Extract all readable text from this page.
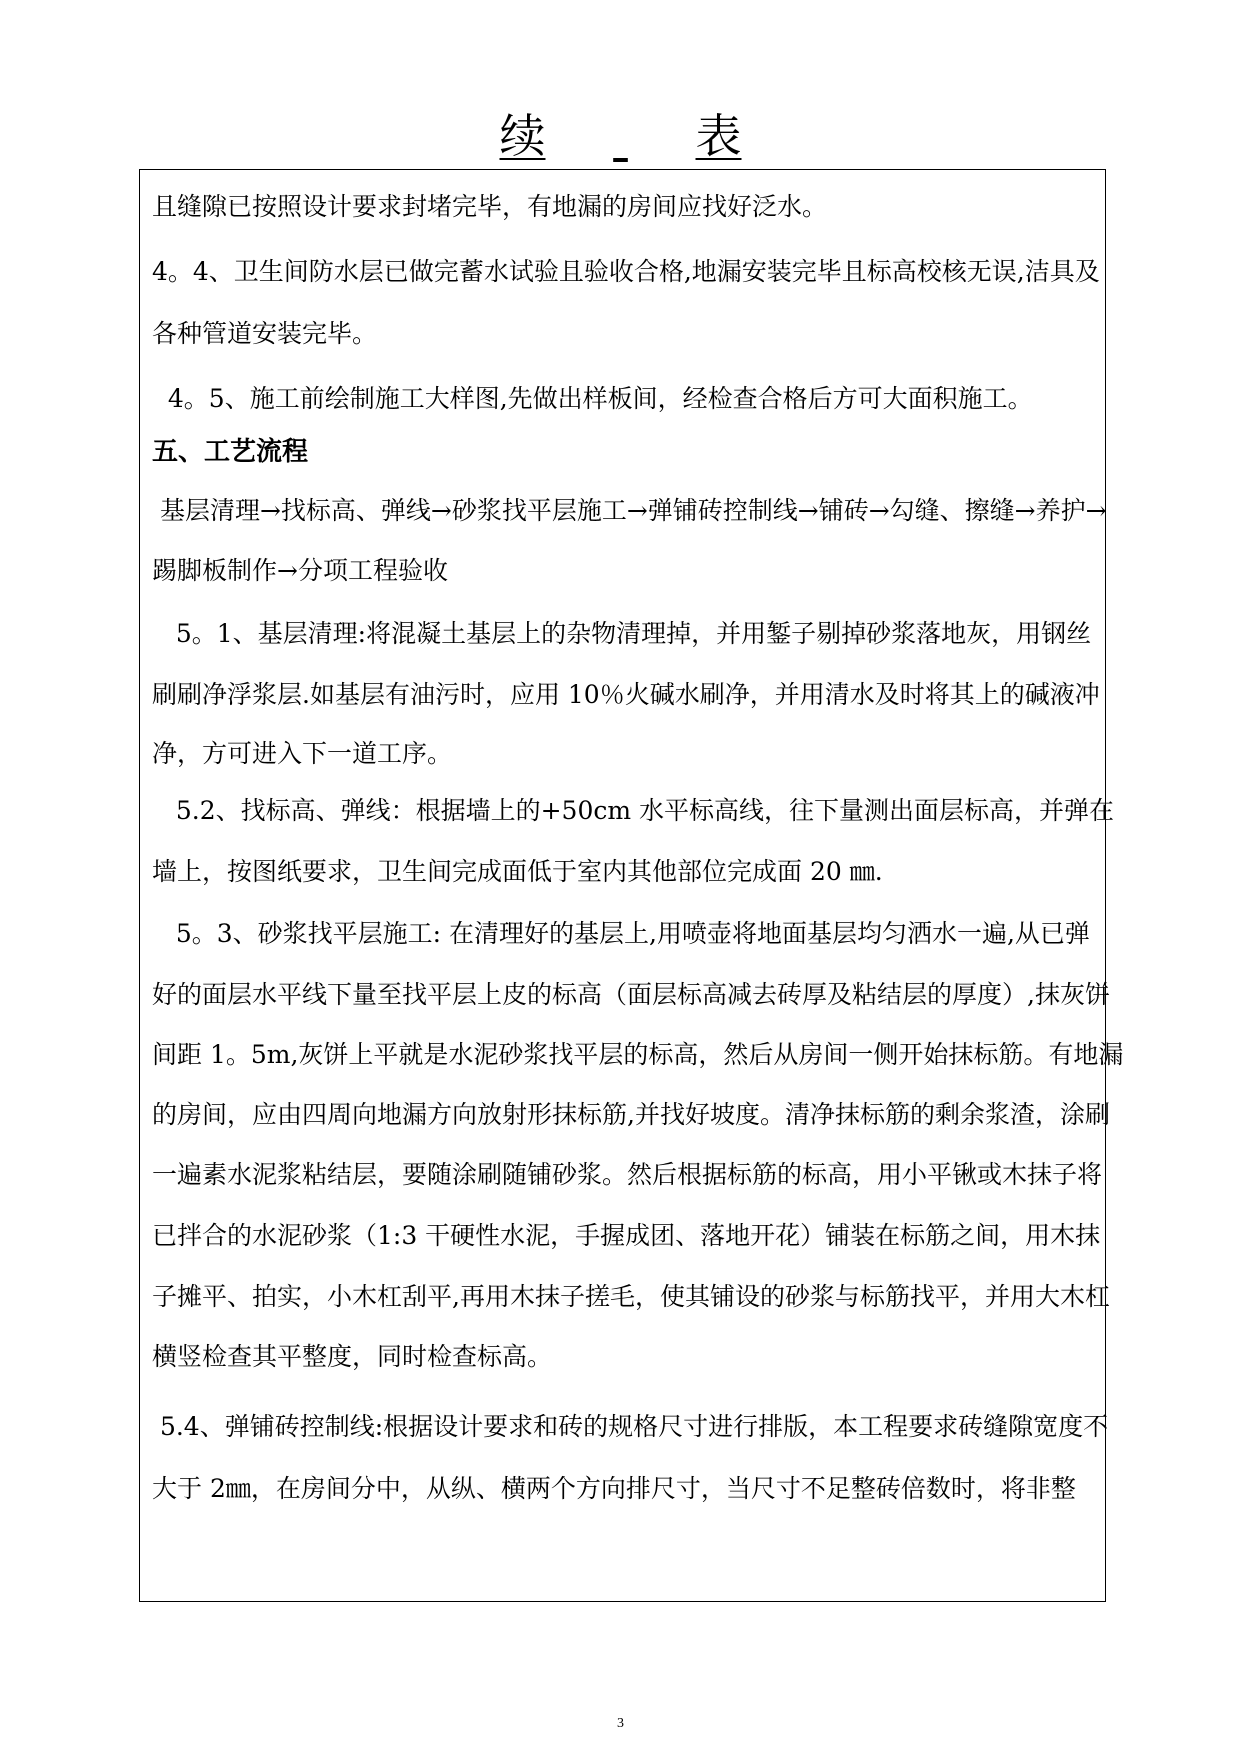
续	表
且缝隙已按照设计要求封堵完毕，有地漏的房间应找好泛水。
4。4、卫生间防水层已做完蓄水试验且验收合格,地漏安装完毕且标高校核无误,洁具及
各种管道安装完毕。
4。5、施工前绘制施工大样图,先做出样板间，经检查合格后方可大面积施工。
五、工艺流程
基层清理→找标高、弹线→砂浆找平层施工→弹铺砖控制线→铺砖→勾缝、擦缝→养护→
踢脚板制作→分项工程验收
5。1、基层清理:将混凝土基层上的杂物清理掉，并用錾子剔掉砂浆落地灰，用钢丝
刷刷净浮浆层.如基层有油污时，应用 10％火碱水刷净，并用清水及时将其上的碱液冲
净，方可进入下一道工序。
5.2、找标高、弹线：根据墙上的+50cm 水平标高线，往下量测出面层标高，并弹在
墙上，按图纸要求，卫生间完成面低于室内其他部位完成面 20 ㎜.
5。3、砂浆找平层施工: 在清理好的基层上,用喷壶将地面基层均匀洒水一遍,从已弹
好的面层水平线下量至找平层上皮的标高（面层标高减去砖厚及粘结层的厚度）,抹灰饼
间距 1。5m,灰饼上平就是水泥砂浆找平层的标高，然后从房间一侧开始抹标筋。有地漏
的房间，应由四周向地漏方向放射形抹标筋,并找好坡度。清净抹标筋的剩余浆渣，涂刷
一遍素水泥浆粘结层，要随涂刷随铺砂浆。然后根据标筋的标高，用小平锹或木抹子将
已拌合的水泥砂浆（1:3 干硬性水泥，手握成团、落地开花）铺装在标筋之间，用木抹
子摊平、拍实，小木杠刮平,再用木抹子搓毛，使其铺设的砂浆与标筋找平，并用大木杠
横竖检查其平整度，同时检查标高。
5.4、弹铺砖控制线:根据设计要求和砖的规格尺寸进行排版，本工程要求砖缝隙宽度不
大于 2㎜，在房间分中，从纵、横两个方向排尺寸，当尺寸不足整砖倍数时，将非整
3
